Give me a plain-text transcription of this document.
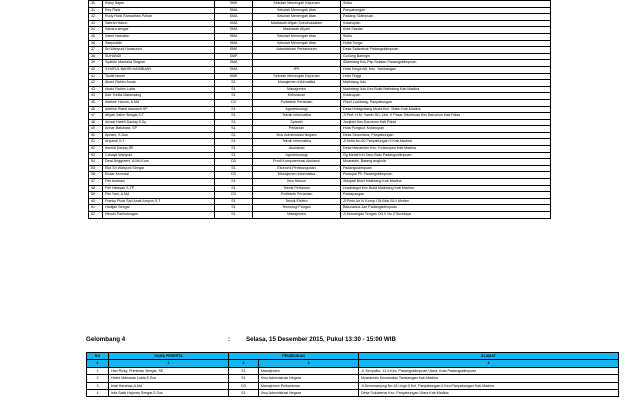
30	Rizky Najari	SMK	Sekolah Menengah Kejuruan	Sisbu
31	Rey Rizki	SMA	Sekolah Menengah Atas	Panyabungan
32	Rudy Rizki Ramadhan Pohan	SMA	Sekolah Menengah Atas	Padang Sidimpuan
33	Sabran Harun	SMA	Madrasah Aliyah Sububussalam	Kotanopan
34	Sahara siregar	SMA	Madrasah Aliyah	Kota Siantar
35	Saleh Nasution	SMA	Sekolah Menengah Atas	Sisbu
36	Saepuddin	SMA	Sekolah Menengah Atas	Hutta Tonga
37	Sri Wahyuni Hutasuhut	SMK	Administrasi Perkantoran	Desa Salambue Padangsidimpuan
38	SUHANDI	SMP		Gunung Baringin
39	Syahrin Maulana Siagian	SMA		Sitamiang Kec.Psp.Selatan Padangsidimpuan
40	SYAIFUL BAHRI HASIBUAN	SMA	IPS	Huta Tonga AB, Kec. Tambangan
41	Taufik Ismail	SMK	Sekolah Menengah Kejuruan	Huta Tinggi
42	Abdul Rahim Arnas	S1	Manajemen Informatika	Malintang Julu
43	Abdul Rahim Lubis	S1	Manajemen	Malintang Julu Kec.Bukit Malintang Kab.Madina
44	Ade Yunita Matondang	S1	Kehutanan	Kotanopan
45	Adeline Harum, A.Md	D3	Politeknik Pertanian	Pidoli Lombang, Panyabungan
46	Adeline Rianti Asmasih SP	S1	Agroteknologi	Desa Hutagodang Muda Kec. Siabu Kab.Madina
47	Afiyan Salim Siregar,S.T	S1	Teknik Informatika	Jl.Prof. H.M. Yamin SH, Link. II Pasar Siborhuan Kec.Barumun Kab.Palas
48	Amsal Harefi Daulay,S.Sy	S1	Syariah	Janjilobi Kec.Barumun Kab.Palas
49	Anhar Batubara, SP	S1	Pertanian	Huta Pungkut, Kotanopan
50	Apriani, S.Sos	S1	Ilmu Administrasi Negara	Desa Simombos, Panyabungan
51	Ariyandi,S.T	S1	Teknik Informatika	Jl.Setia No.60 Panyabungan II Kab.Madina
52	Asmidi Daulay,SE	S1	Akuntansi	Desa Manambin Kec. Kotanopan Kab.Madina
53	Cahaya Wahyuni	S1	Agroteknologi	Gg.Melati Kel.Tano Bato Padangsidimpuan
54	Dewi Anggraeni, A.Md.Kom	D3	Prodi Komputerisasi Akutansi	Muaratais, Batang angkola
55	Eka Sri Wahyuni Siregar	S1	Ekonomi Pembangunan	Padangsidimpuan
56	Endar Kenedai	D3	Manajemen Informatika	Psidopal PK Padangsidimpuan
57	Fitri Andriani	S1	Ilmu Hukum	Sidojadi Bukit Malintang Kab.Madina
58	Fitri Hidayah,S.TP	S1	Teknik Pertanian	Hutabargot Kec.Bukit Malintang Kab.Madina
59	Fitri Yani, A.Md	D3	Politeknik Pertanian	Pastapangan
60	Franky Pizar Sari Anak Ampun,S.T	S1	Teknik Elektro	Jl.Pintu Air IV Komp.I Dt Blok B14 Medan
61	Hadijah Siregar	S1	Teknologi Pangan	Batunadua Jae Padangsidimpuan
62	Hendri Parlindungan	S1	Manajemen	Jl.Sersangan Tengah OG.II No.3 Sumdaya
Gelombang 4	:	Selasa, 15 Desember 2015, Pukul 13:30 - 15:00 WIB
NO	NAMA PESERTA	PENDIDIKAN		ALAMAT
1	2	3	3	4
1	Hari Rizky, Primintas Siregar, SE	S1	Manajemen	Jl. KenyaNo. 13 d Kec. Padangsidimpuan Utara, Kota Padangsidimpuan
2	Helmi Maisarah Lubis,S.Sos	S1	Ilmu Administrasi Negara	Muaramais Kecamatan Tambangan Kab.Madina
3	Imal Harahap,A.Md	D3	Manajemen Pelkantoran	Jl.Semenanjung No.18 Lingk.II Kel. Panyabungan II Kec.Panyabungan Kab.Madina
4	Irda Sakti Hajoran Siregar,S.Sos	S1	Ilmu Administrasi Negara	Desa Sukasenai Kec. Panyabungan Utara Kab.Madina
